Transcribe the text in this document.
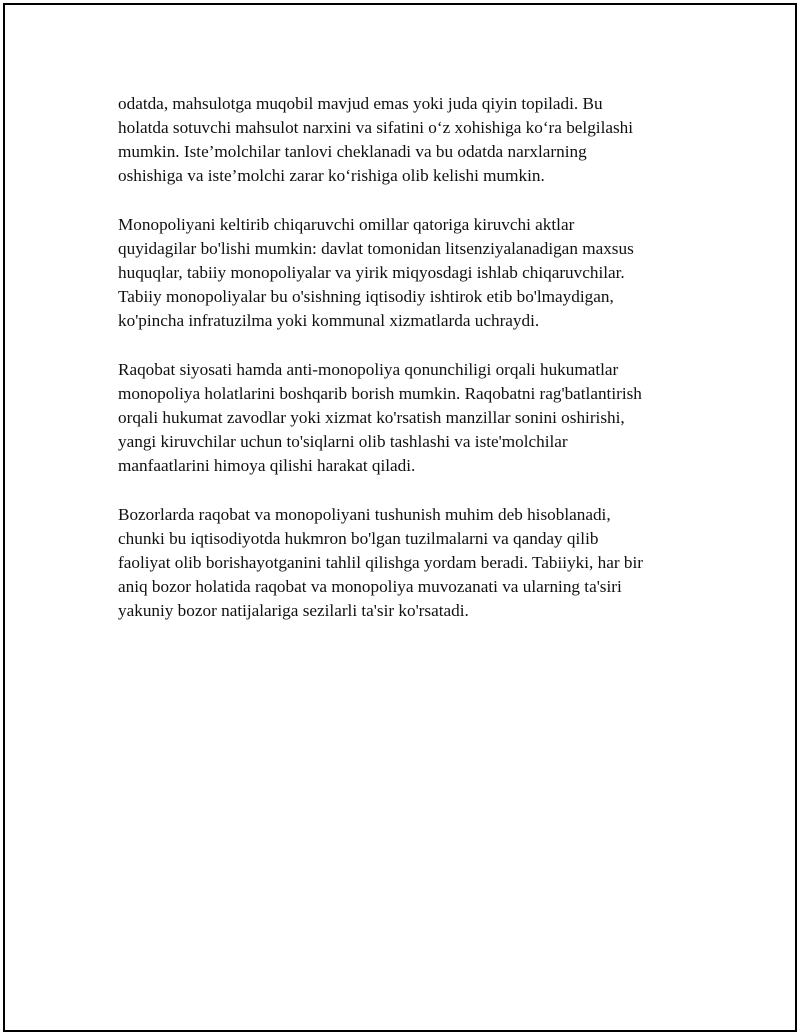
odatda, mahsulotga muqobil mavjud emas yoki juda qiyin topiladi. Bu
holatda sotuvchi mahsulot narxini va sifatini o‘z xohishiga ko‘ra belgilashi
mumkin. Iste’molchilar tanlovi cheklanadi va bu odatda narxlarning
oshishiga va iste’molchi zarar ko‘rishiga olib kelishi mumkin.

Monopoliyani keltirib chiqaruvchi omillar qatoriga kiruvchi aktlar
quyidagilar bo'lishi mumkin: davlat tomonidan litsenziyalanadigan maxsus
huquqlar, tabiiy monopoliyalar va yirik miqyosdagi ishlab chiqaruvchilar.
Tabiiy monopoliyalar bu o'sishning iqtisodiy ishtirok etib bo'lmaydigan,
ko'pincha infratuzilma yoki kommunal xizmatlarda uchraydi.

Raqobat siyosati hamda anti-monopoliya qonunchiligi orqali hukumatlar
monopoliya holatlarini boshqarib borish mumkin. Raqobatni rag'batlantirish
orqali hukumat zavodlar yoki xizmat ko'rsatish manzillar sonini oshirishi,
yangi kiruvchilar uchun to'siqlarni olib tashlashi va iste'molchilar
manfaatlarini himoya qilishi harakat qiladi.

Bozorlarda raqobat va monopoliyani tushunish muhim deb hisoblanadi,
chunki bu iqtisodiyotda hukmron bo'lgan tuzilmalarni va qanday qilib
faoliyat olib borishayotganini tahlil qilishga yordam beradi. Tabiiyki, har bir
aniq bozor holatida raqobat va monopoliya muvozanati va ularning ta'siri
yakuniy bozor natijalariga sezilarli ta'sir ko'rsatadi.
